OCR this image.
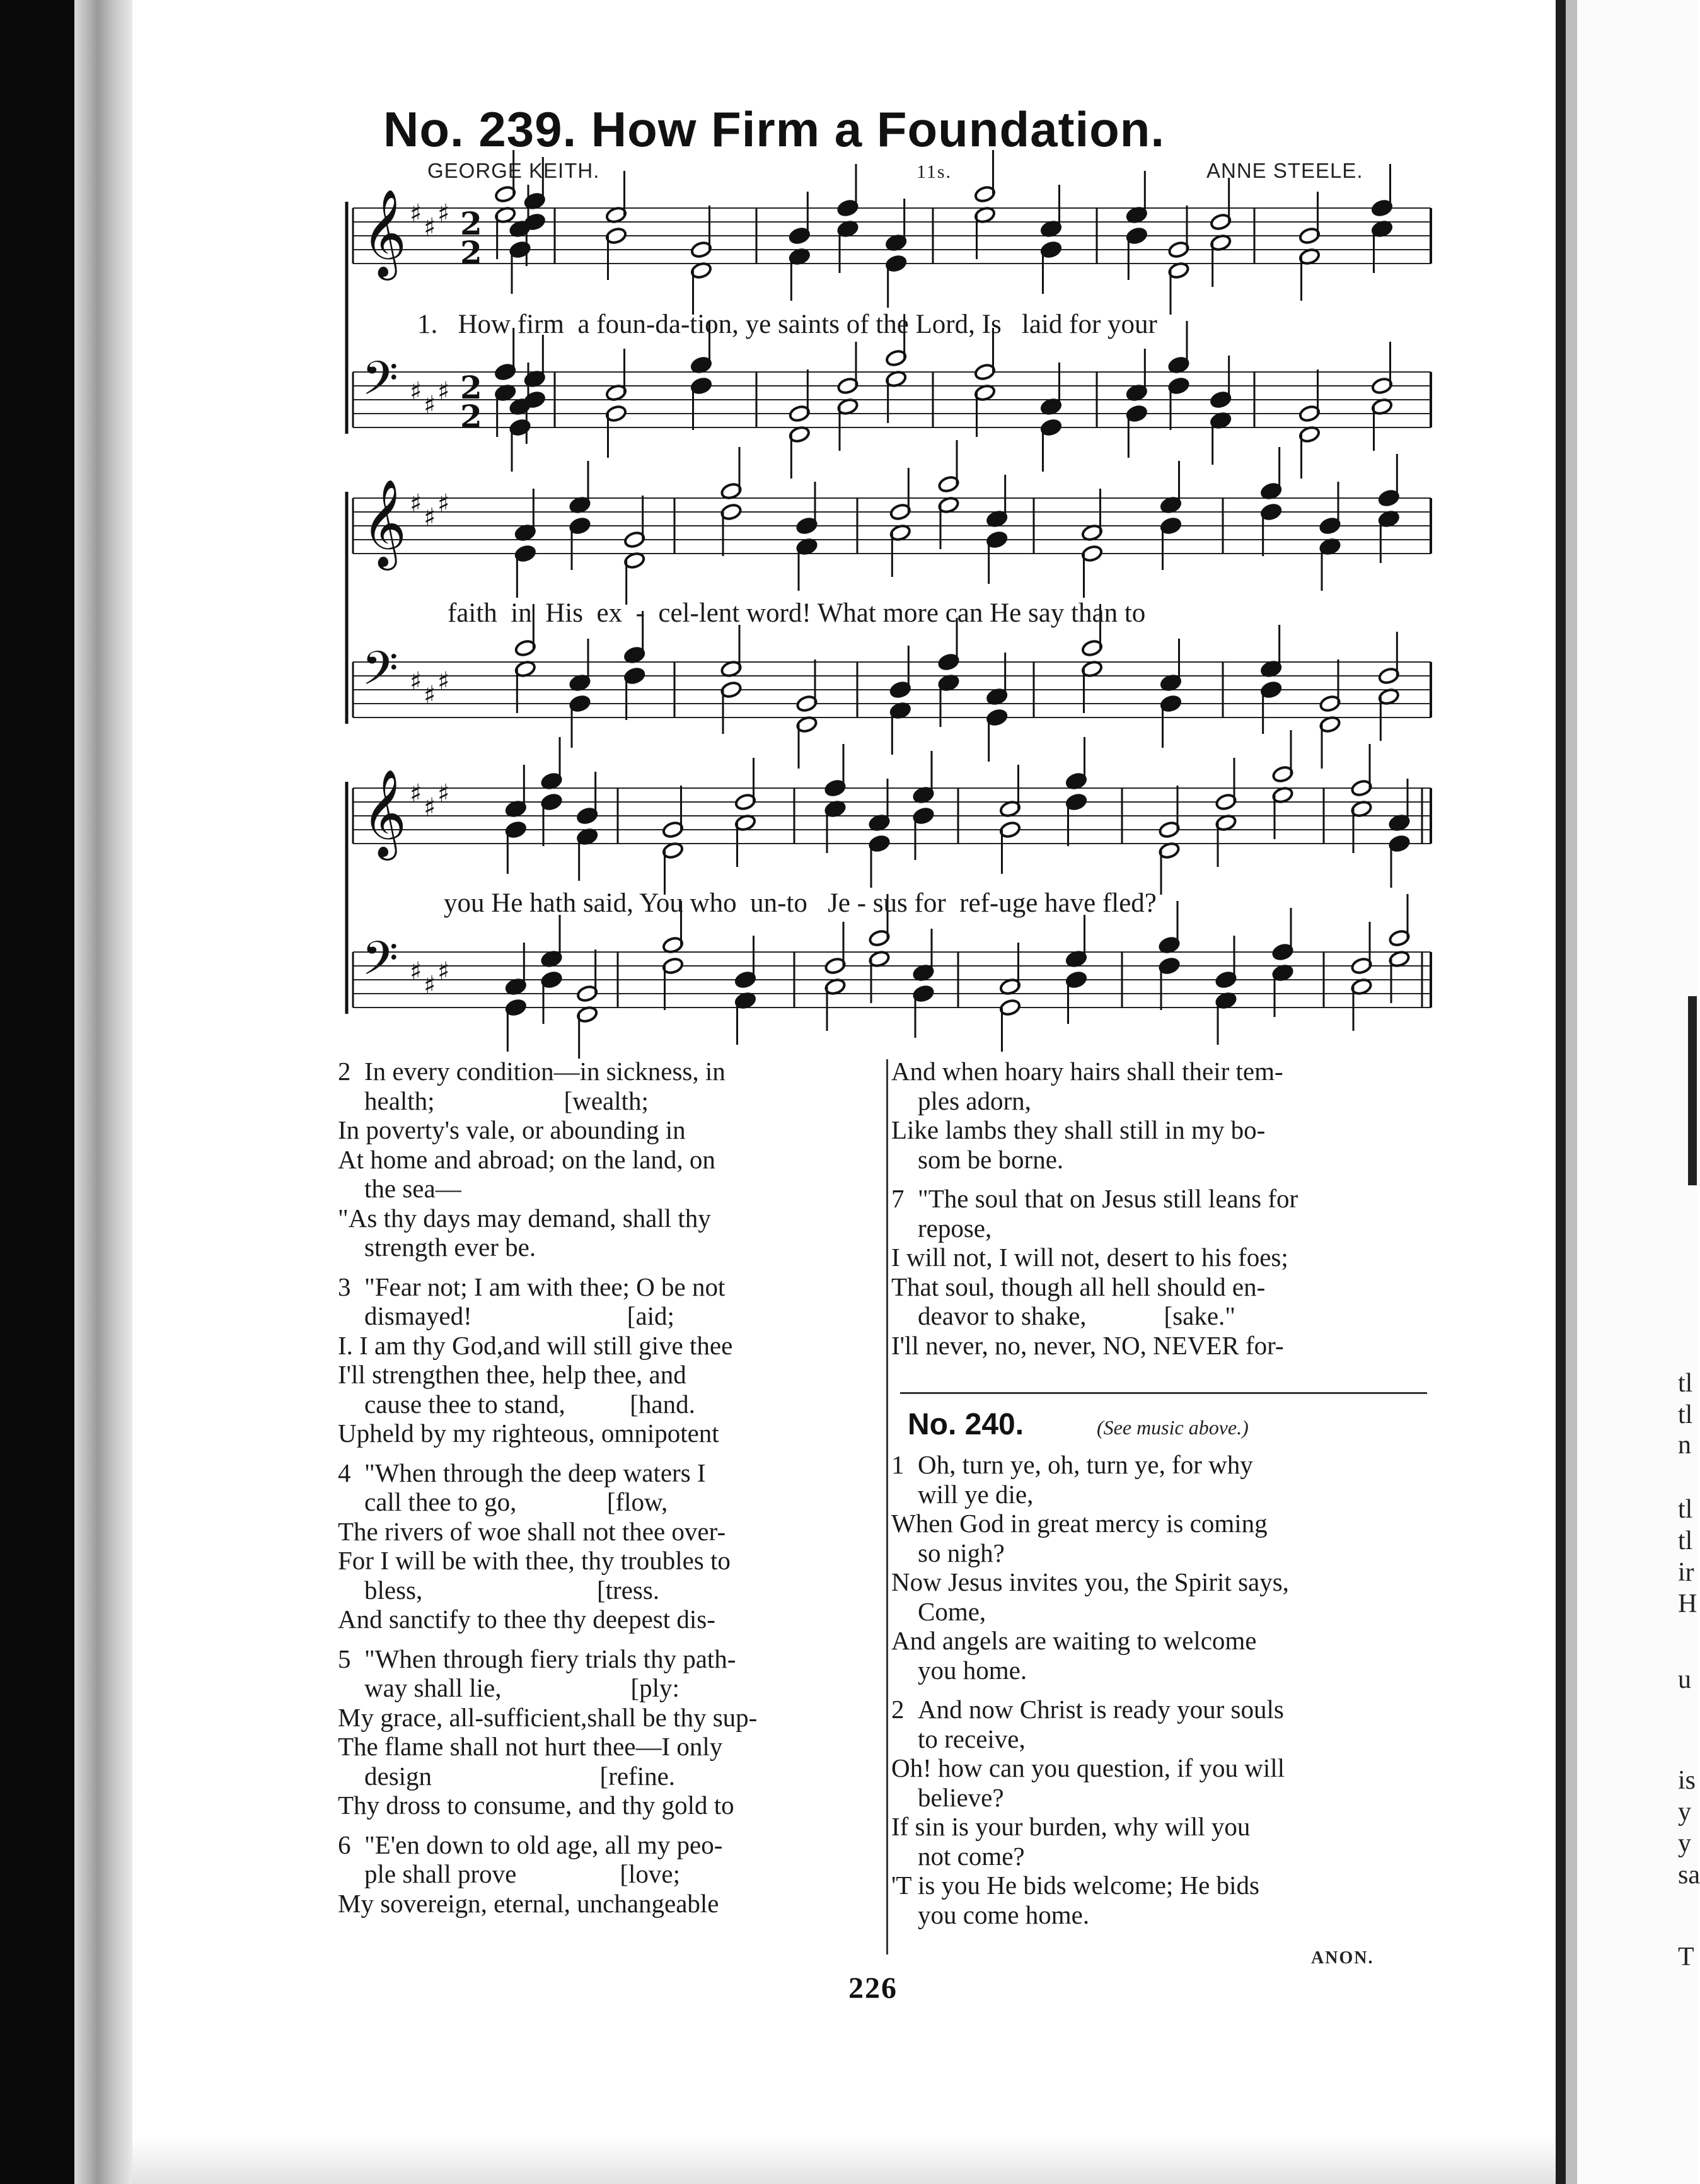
No. 239. How Firm a Foundation.
GEORGE KEITH.	11s.	ANNE STEELE.
𝄞 ♯ ♯ ♯ 2
2
𝄢 ♯ ♯ ♯ 2
2
𝄞 ♯ ♯ ♯
𝄢 ♯ ♯ ♯
𝄞 ♯ ♯ ♯
𝄢 ♯ ♯ ♯
1.   How firm  a foun-da-tion, ye saints of the Lord, Is   laid for your
faith  in  His  ex  -  cel-lent word! What more can He say than to
you He hath said, You who  un-to   Je - sus for  ref-uge have fled?
2 In every condition—in sickness, in
health;                    [wealth;
In poverty's vale, or abounding in
At home and abroad; on the land, on
the sea—
"As thy days may demand, shall thy
strength ever be.
3 "Fear not; I am with thee; O be not
dismayed!                        [aid;
I. I am thy God,and will still give thee
I'll strengthen thee, help thee, and
cause thee to stand,          [hand.
Upheld by my righteous, omnipotent
4 "When through the deep waters I
call thee to go,              [flow,
The rivers of woe shall not thee over-
For I will be with thee, thy troubles to
bless,                           [tress.
And sanctify to thee thy deepest dis-
5 "When through fiery trials thy path-
way shall lie,                    [ply:
My grace, all-sufficient,shall be thy sup-
The flame shall not hurt thee—I only
design                          [refine.
Thy dross to consume, and thy gold to
6 "E'en down to old age, all my peo-
ple shall prove                [love;
My sovereign, eternal, unchangeable
And when hoary hairs shall their tem-
ples adorn,
Like lambs they shall still in my bo-
som be borne.
7 "The soul that on Jesus still leans for
repose,
I will not, I will not, desert to his foes;
That soul, though all hell should en-
deavor to shake,            [sake."
I'll never, no, never, NO, NEVER for-
No. 240.	(See music above.)
1 Oh, turn ye, oh, turn ye, for why
will ye die,
When God in great mercy is coming
so nigh?
Now Jesus invites you, the Spirit says,
Come,
And angels are waiting to welcome
you home.
2 And now Christ is ready your souls
to receive,
Oh! how can you question, if you will
believe?
If sin is your burden, why will you
not come?
'T is you He bids welcome; He bids
you come home.
ANON.
226
tl
tl
n
tl
tl
ir
H
u
is
y
y
sa
T
